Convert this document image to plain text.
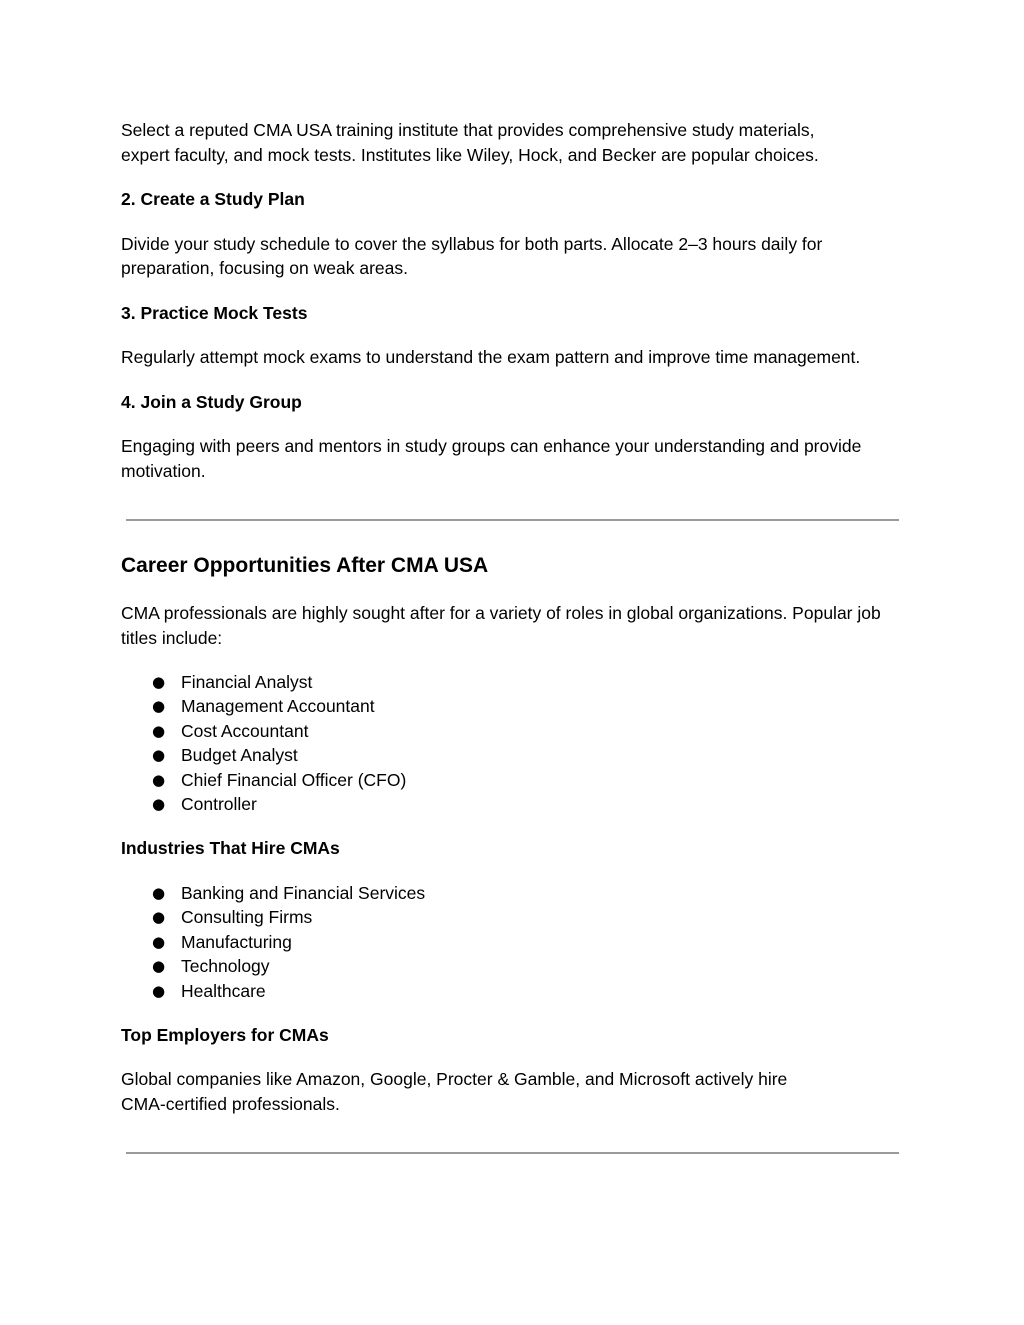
Select a reputed CMA USA training institute that provides comprehensive study materials, expert faculty, and mock tests. Institutes like Wiley, Hock, and Becker are popular choices.

2. Create a Study Plan

Divide your study schedule to cover the syllabus for both parts. Allocate 2–3 hours daily for preparation, focusing on weak areas.

3. Practice Mock Tests

Regularly attempt mock exams to understand the exam pattern and improve time management.

4. Join a Study Group

Engaging with peers and mentors in study groups can enhance your understanding and provide motivation.

Career Opportunities After CMA USA

CMA professionals are highly sought after for a variety of roles in global organizations. Popular job titles include:

● Financial Analyst
● Management Accountant
● Cost Accountant
● Budget Analyst
● Chief Financial Officer (CFO)
● Controller
Industries That Hire CMAs
● Banking and Financial Services
● Consulting Firms
● Manufacturing
● Technology
● Healthcare
Top Employers for CMAs

Global companies like Amazon, Google, Procter & Gamble, and Microsoft actively hire CMA-certified professionals.
